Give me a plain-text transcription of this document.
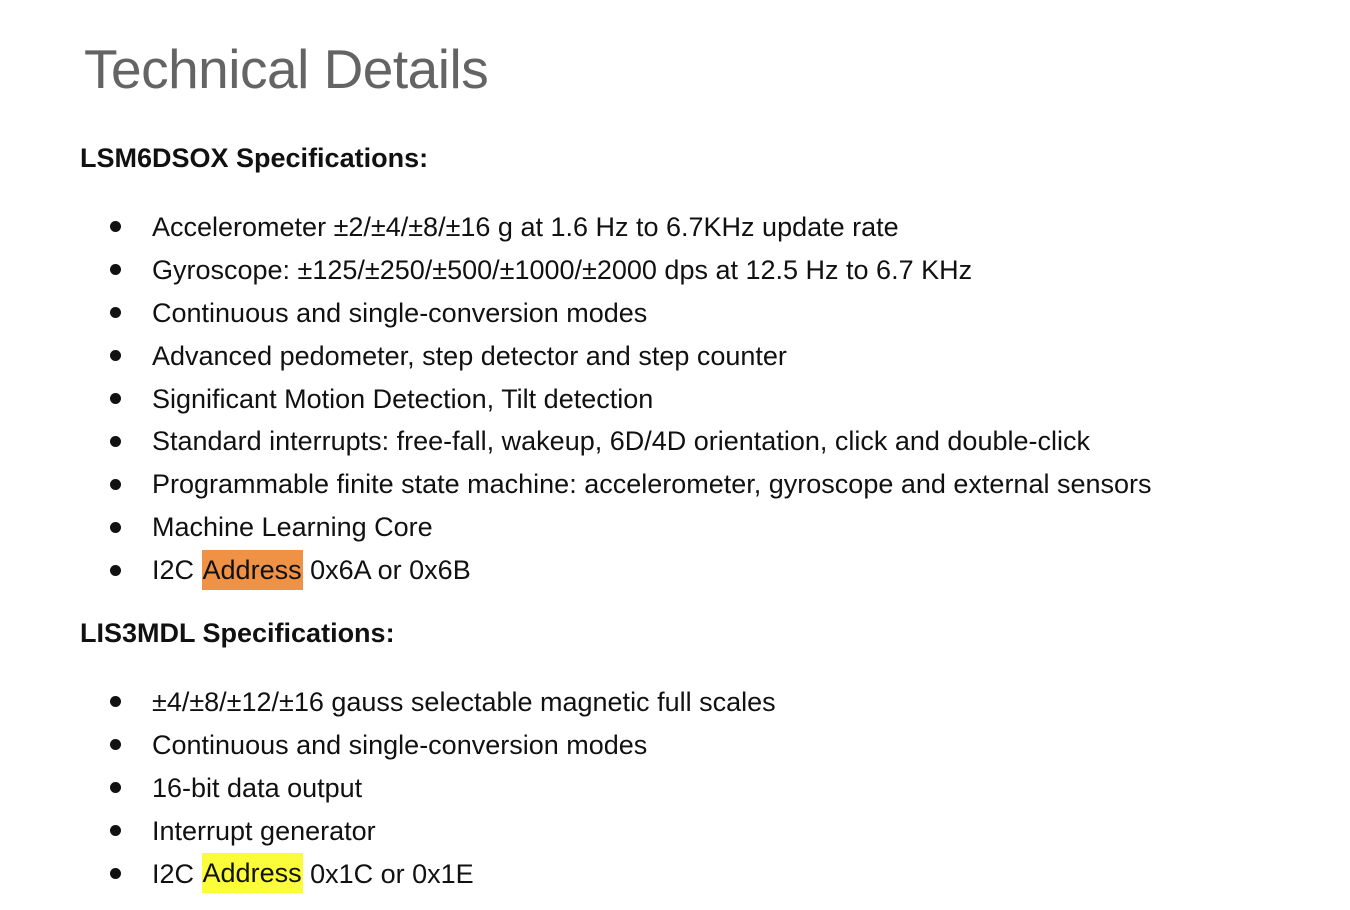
Technical Details
LSM6DSOX Specifications:
Accelerometer ±2/±4/±8/±16 g at 1.6 Hz to 6.7KHz update rate
Gyroscope: ±125/±250/±500/±1000/±2000 dps at 12.5 Hz to 6.7 KHz
Continuous and single-conversion modes
Advanced pedometer, step detector and step counter
Significant Motion Detection, Tilt detection
Standard interrupts: free-fall, wakeup, 6D/4D orientation, click and double-click
Programmable finite state machine: accelerometer, gyroscope and external sensors
Machine Learning Core
I2C Address 0x6A or 0x6B
LIS3MDL Specifications:
±4/±8/±12/±16 gauss selectable magnetic full scales
Continuous and single-conversion modes
16-bit data output
Interrupt generator
I2C Address 0x1C or 0x1E
